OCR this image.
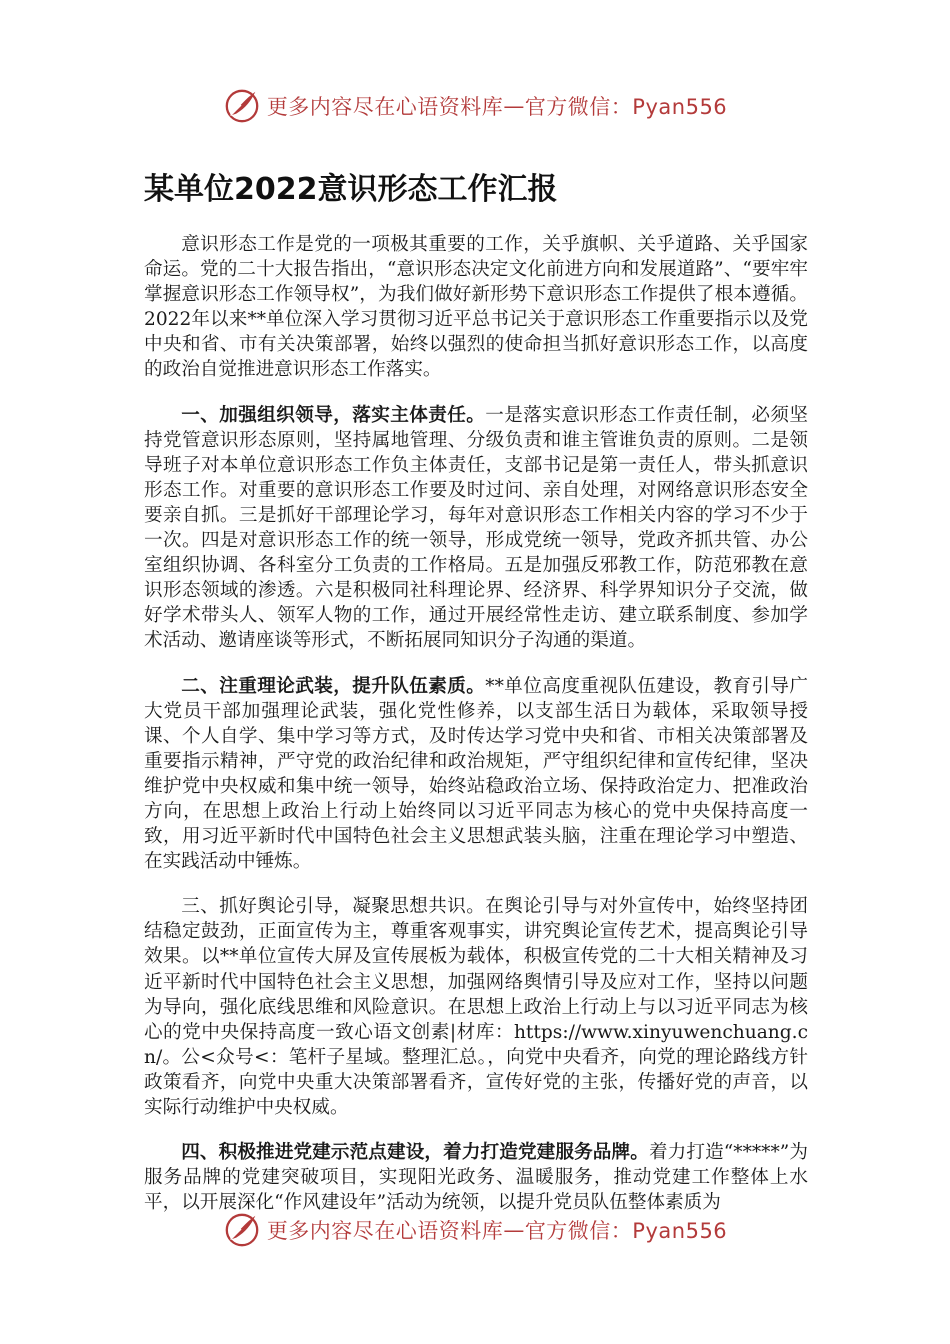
更多内容尽在心语资料库 — 官方微信：Pyan556
某单位2022意识形态工作汇报

意识形态工作是党的一项极其重要的工作，关乎旗帜、关乎道路、关乎国家命运。党的二十大报告指出，“意识形态决定文化前进方向和发展道路”、“要牢牢掌握意识形态工作领导权”，为我们做好新形势下意识形态工作提供了根本遵循。2022年以来**单位深入学习贯彻习近平总书记关于意识形态工作重要指示以及党中央和省、市有关决策部署，始终以强烈的使命担当抓好意识形态工作，以高度的政治自觉推进意识形态工作落实。

一、加强组织领导，落实主体责任。一是落实意识形态工作责任制，必须坚持党管意识形态原则，坚持属地管理、分级负责和谁主管谁负责的原则。二是领导班子对本单位意识形态工作负主体责任，支部书记是第一责任人，带头抓意识形态工作。对重要的意识形态工作要及时过问、亲自处理，对网络意识形态安全要亲自抓。三是抓好干部理论学习，每年对意识形态工作相关内容的学习不少于一次。四是对意识形态工作的统一领导，形成党统一领导，党政齐抓共管、办公室组织协调、各科室分工负责的工作格局。五是加强反邪教工作，防范邪教在意识形态领域的渗透。六是积极同社科理论界、经济界、科学界知识分子交流，做好学术带头人、领军人物的工作，通过开展经常性走访、建立联系制度、参加学术活动、邀请座谈等形式，不断拓展同知识分子沟通的渠道。

二、注重理论武装，提升队伍素质。**单位高度重视队伍建设，教育引导广大党员干部加强理论武装，强化党性修养，以支部生活日为载体，采取领导授课、个人自学、集中学习等方式，及时传达学习党中央和省、市相关决策部署及重要指示精神，严守党的政治纪律和政治规矩，严守组织纪律和宣传纪律，坚决维护党中央权威和集中统一领导，始终站稳政治立场、保持政治定力、把准政治方向，在思想上政治上行动上始终同以习近平同志为核心的党中央保持高度一致，用习近平新时代中国特色社会主义思想武装头脑，注重在理论学习中塑造、在实践活动中锤炼。

三、抓好舆论引导，凝聚思想共识。在舆论引导与对外宣传中，始终坚持团结稳定鼓劲，正面宣传为主，尊重客观事实，讲究舆论宣传艺术，提高舆论引导效果。以**单位宣传大屏及宣传展板为载体，积极宣传党的二十大相关精神及习近平新时代中国特色社会主义思想，加强网络舆情引导及应对工作，坚持以问题为导向，强化底线思维和风险意识。在思想上政治上行动上与以习近平同志为核心的党中央保持高度一致心语文创素|材库：https://www.xinyuwenchuang.cn/。公<众号<：笔杆子星域。整理汇总。，向党中央看齐，向党的理论路线方针政策看齐，向党中央重大决策部署看齐，宣传好党的主张，传播好党的声音，以实际行动维护中央权威。

四、积极推进党建示范点建设，着力打造党建服务品牌。着力打造“*****”为服务品牌的党建突破项目，实现阳光政务、温暖服务，推动党建工作整体上水平，以开展深化“作风建设年”活动为统领，以提升党员队伍整体素质为

更多内容尽在心语资料库 — 官方微信：Pyan556
